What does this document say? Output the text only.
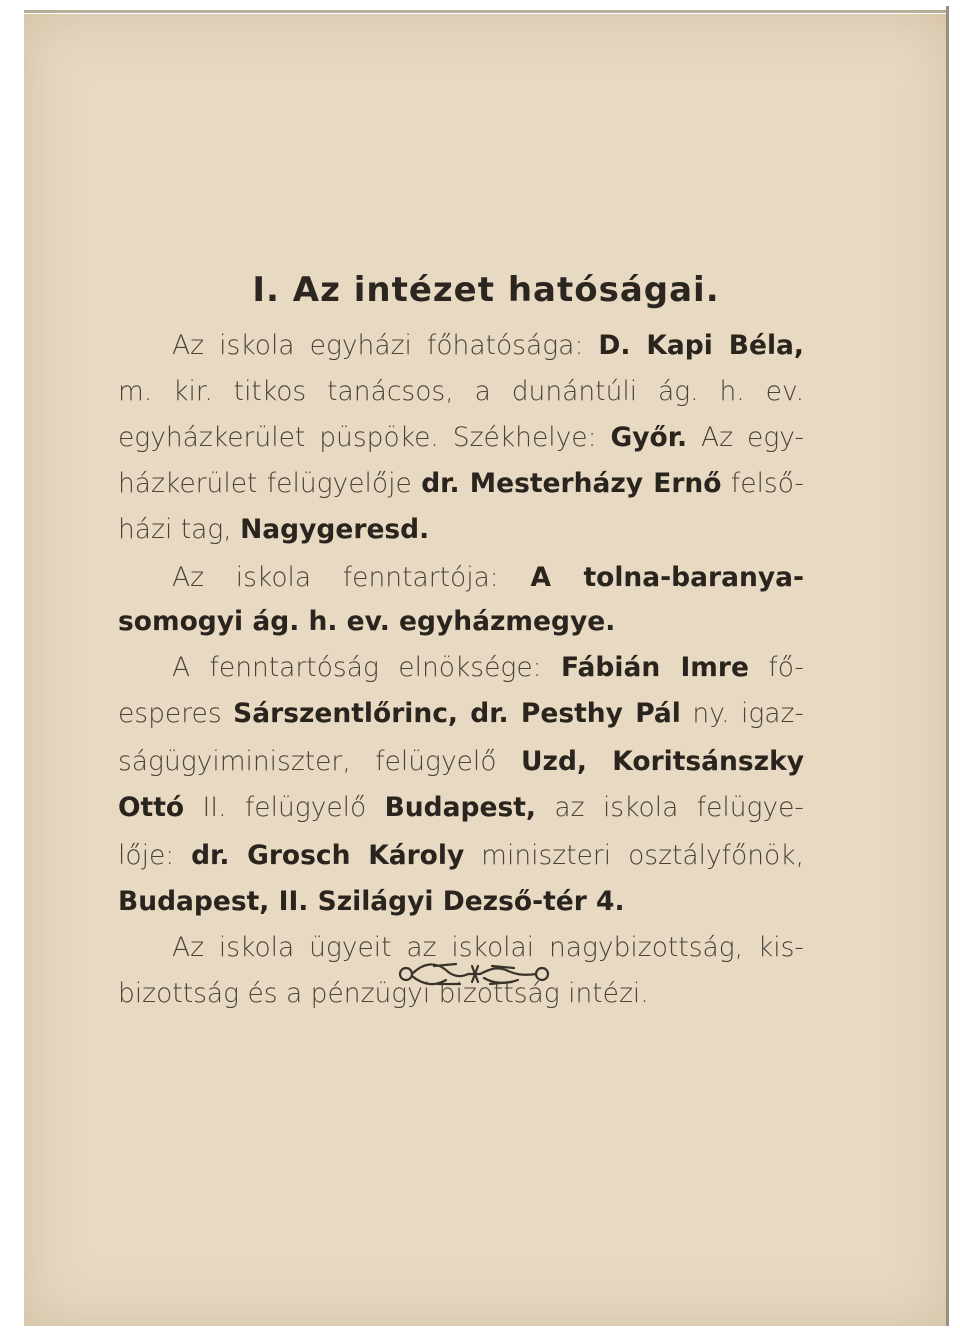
I. Az intézet hatóságai.
Az iskola egyházi főhatósága: D. Kapi Béla,
m. kir. titkos tanácsos, a dunántúli ág. h. ev.
egyházkerület püspöke. Székhelye: Győr. Az egy-
házkerület felügyelője dr. Mesterházy Ernő felső-
házi tag, Nagygeresd.
Az iskola fenntartója: A tolna-baranya-
somogyi ág. h. ev. egyházmegye.
A fenntartóság elnöksége: Fábián Imre fő-
esperes Sárszentlőrinc, dr. Pesthy Pál ny. igaz-
ságügyiminiszter, felügyelő Uzd, Koritsánszky
Ottó II. felügyelő Budapest, az iskola felügye-
lője: dr. Grosch Károly miniszteri osztályfőnök,
Budapest, II. Szilágyi Dezső-tér 4.
Az iskola ügyeit az iskolai nagybizottság, kis-
bizottság és a pénzügyi bizottság intézi.
